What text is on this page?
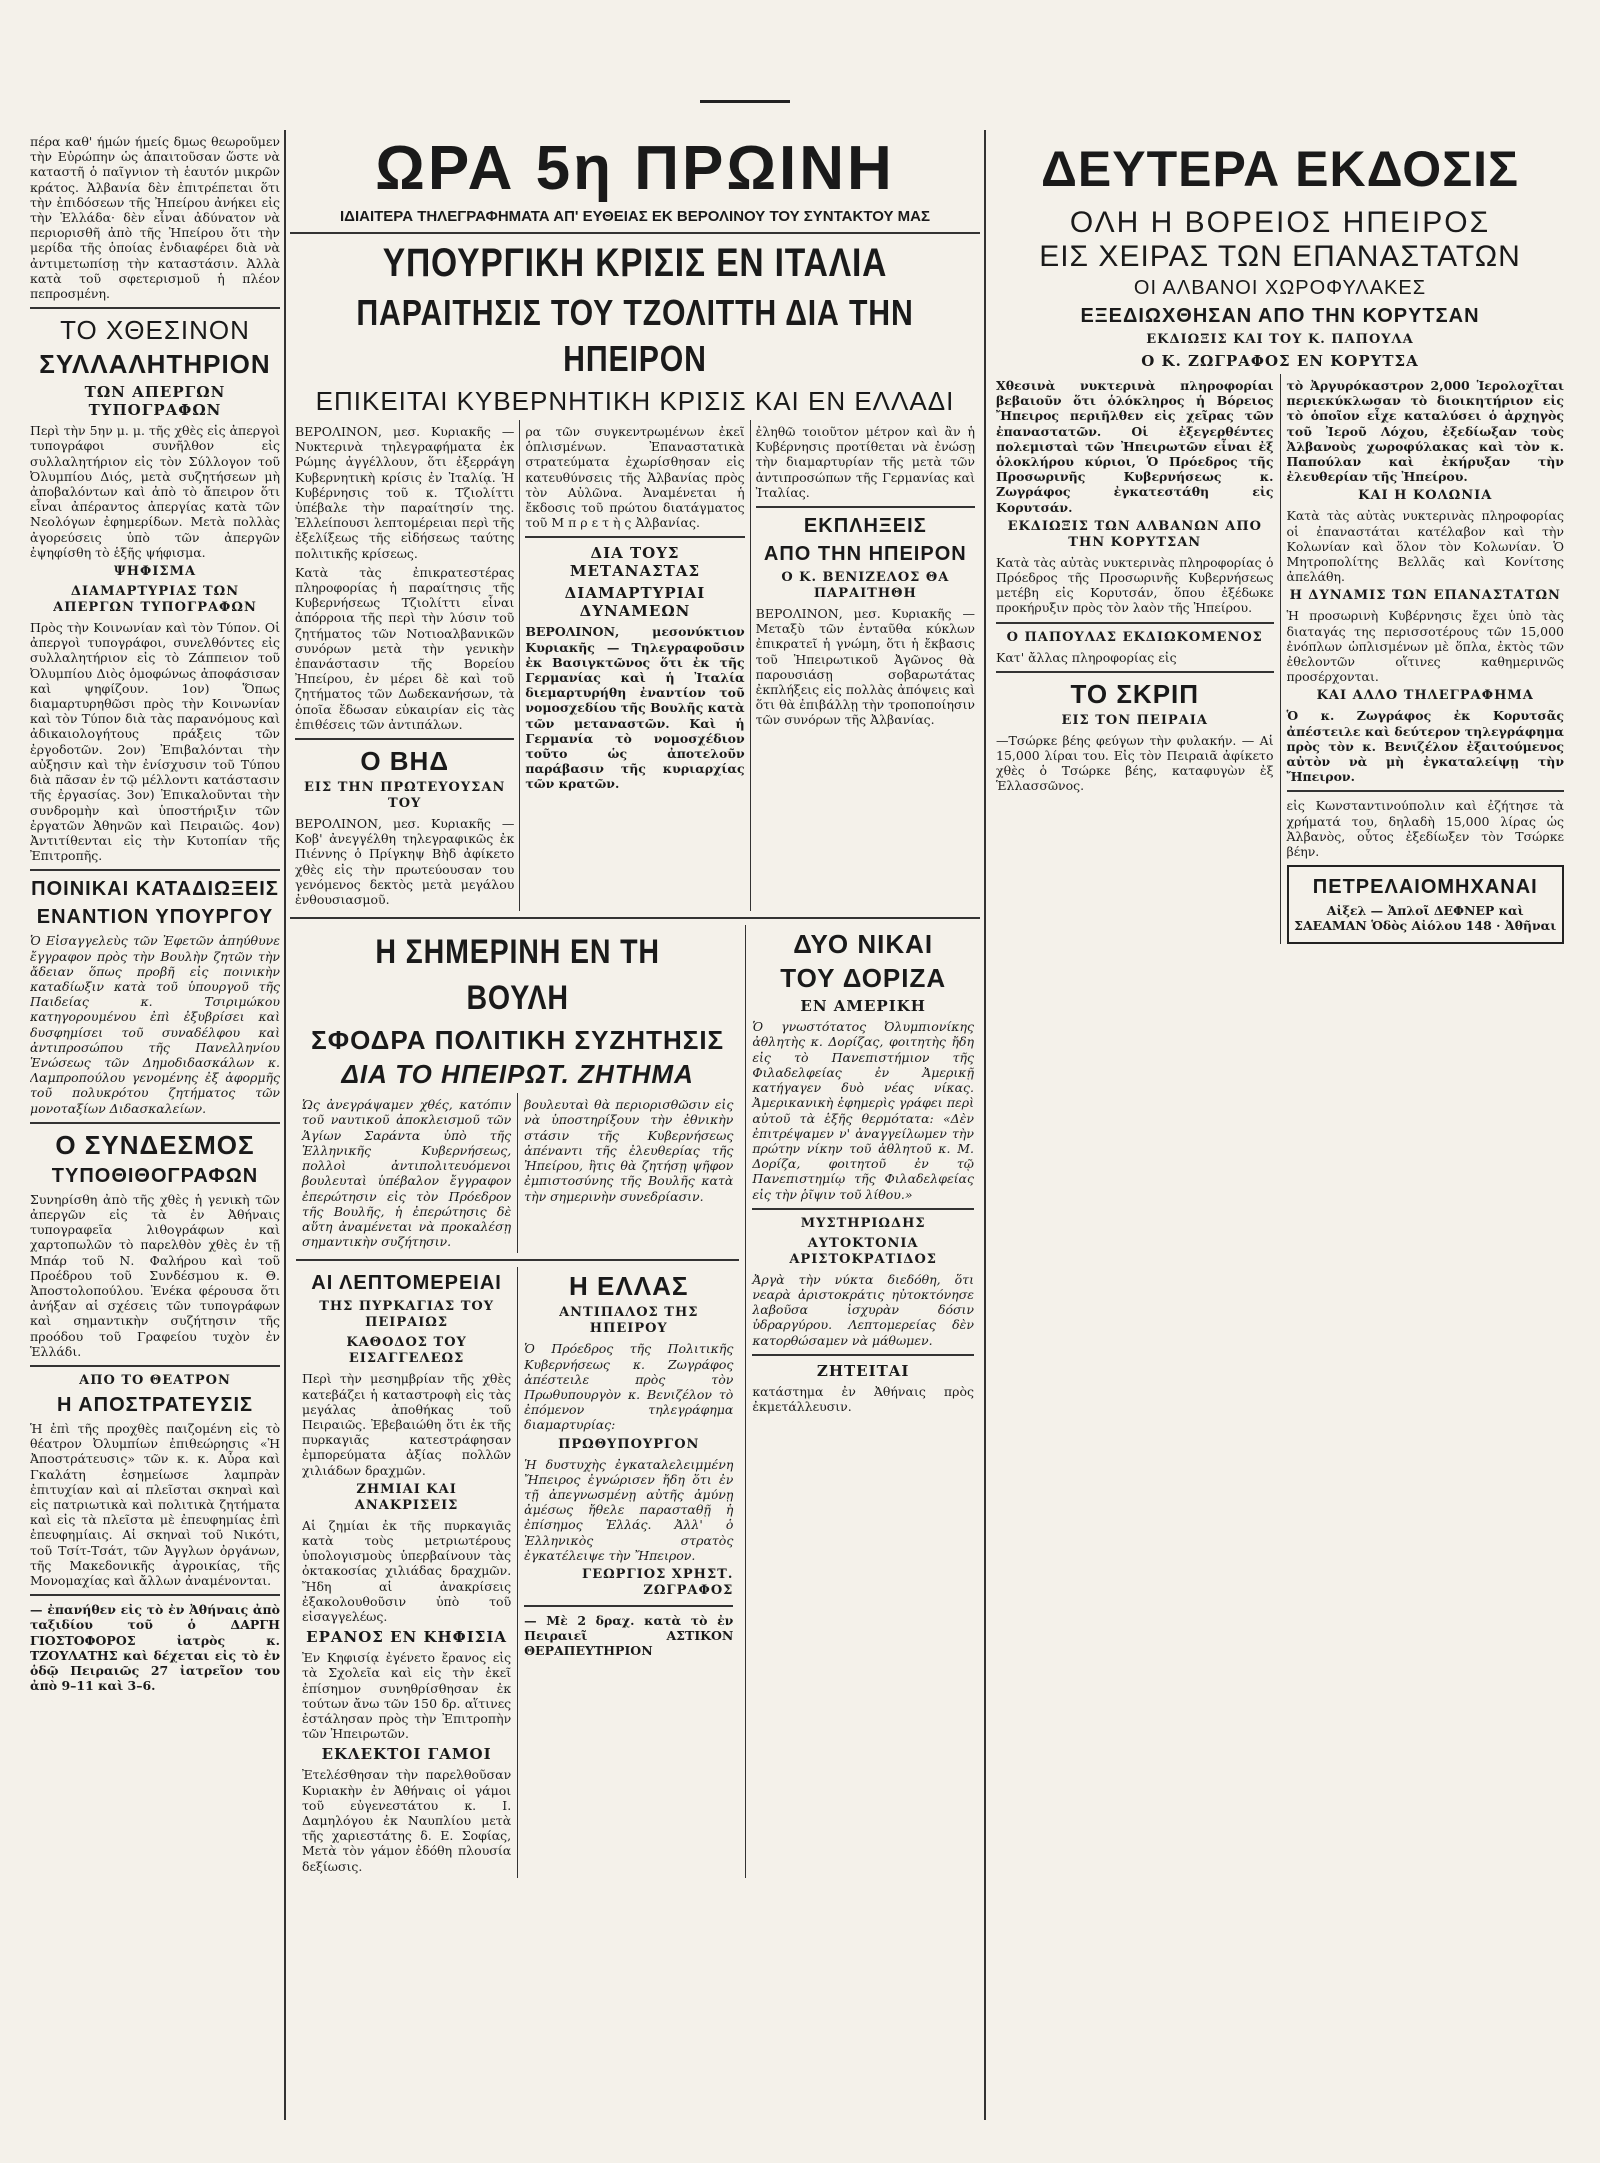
πέρα καθ' ήμών ήμείς δμως θεωροῦμεν τὴν Εὐρώπην ὡς ἀπαιτοῦσαν ὥστε νὰ καταστῆ ὁ παῖγνιον τὴ ἑαυτόν μικρῶν κράτος. Ἀλβανία δὲν ἐπιτρέπεται ὅτι τὴν ἐπιδόσεων τῆς Ἠπείρου ἀνήκει εἰς τὴν Ἑλλάδα· δὲν εἶναι ἀδύνατον νὰ περιορισθῆ ἀπὸ τῆς Ἠπείρου ὅτι τὴν μερίδα τῆς ὁποίας ἐνδιαφέρει διὰ νὰ ἀντιμετωπίσῃ τὴν καταστάσιν. Ἀλλὰ κατὰ τοῦ σφετερισμοῦ ἡ πλέον πεπροσμένη.

ΤΟ ΧΘΕΣΙΝΟΝ
ΣΥΛΛΑΛΗΤΗΡΙΟΝ
ΤΩΝ ΑΠΕΡΓΩΝ ΤΥΠΟΓΡΑΦΩΝ

Περὶ τὴν 5ην μ. μ. τῆς χθὲς εἰς ἀπεργοὶ τυπογράφοι συνῆλθον εἰς συλλαλητήριον εἰς τὸν Σύλλογον τοῦ Ὀλυμπίου Διός, μετὰ συζητήσεων μὴ ἀποβαλόντων καὶ ἀπὸ τὸ ἄπειρον ὅτι εἶναι ἀπέραντος ἀπεργίας κατὰ τῶν Νεολόγων ἐφημερίδων. Μετὰ πολλὰς ἀγορεύσεις ὑπὸ τῶν ἀπεργῶν ἐψηφίσθη τὸ ἑξῆς ψήφισμα.

ΨΗΦΙΣΜΑ
ΔΙΑΜΑΡΤΥΡΙΑΣ ΤΩΝ ΑΠΕΡΓΩΝ ΤΥΠΟΓΡΑΦΩΝ

Πρὸς τὴν Κοινωνίαν καὶ τὸν Τύπον. Οἱ ἀπεργοὶ τυπογράφοι, συνελθόντες εἰς συλλαλητήριον εἰς τὸ Ζάππειον τοῦ Ὀλυμπίου Διὸς ὁμοφώνως ἀποφάσισαν καὶ ψηφίζουν. 1ον) Ὅπως διαμαρτυρηθῶσι πρὸς τὴν Κοινωνίαν καὶ τὸν Τύπον διὰ τὰς παρανόμους καὶ ἀδικαιολογήτους πράξεις τῶν ἐργοδοτῶν. 2ον) Ἐπιβαλόνται τὴν αὐξησιν καὶ τὴν ἐνίσχυσιν τοῦ Τύπου διὰ πᾶσαν ἐν τῷ μέλλοντι κατάστασιν τῆς ἐργασίας. 3ον) Ἐπικαλοῦνται τὴν συνδρομὴν καὶ ὑποστήριξιν τῶν ἐργατῶν Ἀθηνῶν καὶ Πειραιῶς. 4ον) Ἀντιτίθενται εἰς τὴν Κυτοπίαν τῆς Ἐπιτροπῆς.

ΠΟΙΝΙΚΑΙ ΚΑΤΑΔΙΩΞΕΙΣ
ΕΝΑΝΤΙΟΝ ΥΠΟΥΡΓΟΥ

Ὁ Εἰσαγγελεὺς τῶν Ἐφετῶν ἀπηύθυνε ἔγγραφον πρὸς τὴν Βουλὴν ζητῶν τὴν ἄδειαν ὅπως προβῆ εἰς ποινικὴν καταδίωξιν κατὰ τοῦ ὑπουργοῦ τῆς Παιδείας κ. Τσιριμώκου κατηγορουμένου ἐπὶ ἐξυβρίσει καὶ δυσφημίσει τοῦ συναδέλφου καὶ ἀντιπροσώπου τῆς Πανελληνίου Ἑνώσεως τῶν Δημοδιδασκάλων κ. Λαμπροπούλου γενομένης ἐξ ἀφορμῆς τοῦ πολυκρότου ζητήματος τῶν μονοταξίων Διδασκαλείων.

Ο ΣΥΝΔΕΣΜΟΣ
ΤΥΠΟΘΙΘΟΓΡΑΦΩΝ

Συνηρίσθη ἀπὸ τῆς χθὲς ἡ γενικὴ τῶν ἀπεργῶν εἰς τὰ ἐν Ἀθήναις τυπογραφεῖα λιθογράφων καὶ χαρτοπωλῶν τὸ παρελθὸν χθὲς ἐν τῇ Μπάρ τοῦ Ν. Φαλήρου καὶ τοῦ Προέδρου τοῦ Συνδέσμου κ. Θ. Ἀποστολοπούλου. Ἐνέκα φέρουσα ὅτι ἀνήξαν αἱ σχέσεις τῶν τυπογράφων καὶ σημαντικὴν συζήτησιν τῆς προόδου τοῦ Γραφείου τυχὸν ἐν Ἑλλάδι.

ΑΠΟ ΤΟ ΘΕΑΤΡΟΝ
Η ΑΠΟΣΤΡΑΤΕΥΣΙΣ

Ἡ ἐπὶ τῆς προχθὲς παιζομένη εἰς τὸ θέατρον Ὀλυμπίων ἐπιθεώρησις «Ἡ Ἀποστράτευσις» τῶν κ. κ. Αὖρα καὶ Γκαλάτη ἐσημείωσε λαμπρὰν ἐπιτυχίαν καὶ αἱ πλεῖσται σκηναὶ καὶ εἰς πατριωτικὰ καὶ πολιτικὰ ζητήματα καὶ εἰς τὰ πλεῖστα μὲ ἐπευφημίας ἐπὶ ἐπευφημίαις. Αἱ σκηναὶ τοῦ Νικότι, τοῦ Τσίτ-Τσάτ, τῶν Ἀγγλων ὀργάνων, τῆς Μακεδονικῆς ἀγροικίας, τῆς Μονομαχίας καὶ ἄλλων ἀναμένονται.

— ἐπανήθεν εἰς τὸ ἐν Ἀθήναις ἀπὸ ταξιδίου τοῦ ὁ ΔΑΡΓΗ ΓΙΟΣΤΟΦΟΡΟΣ ἰατρὸς κ. ΤΖΟΥΛΑΤΗΣ καὶ δέχεται εἰς τὸ ἐν ὁδῷ Πειραιῶς 27 ἰατρεῖον του ἀπὸ 9–11 καὶ 3–6.

ΩΡΑ 5η ΠΡΩΙΝΗ
ΙΔΙΑΙΤΕΡΑ ΤΗΛΕΓΡΑΦΗΜΑΤΑ ΑΠ' ΕΥΘΕΙΑΣ ΕΚ ΒΕΡΟΛΙΝΟΥ ΤΟΥ ΣΥΝΤΑΚΤΟΥ ΜΑΣ
ΥΠΟΥΡΓΙΚΗ ΚΡΙΣΙΣ ΕΝ ΙΤΑΛΙΑ
ΠΑΡΑΙΤΗΣΙΣ ΤΟΥ ΤΖΟΛΙΤΤΗ ΔΙΑ ΤΗΝ ΗΠΕΙΡΟΝ
ΕΠΙΚΕΙΤΑΙ ΚΥΒΕΡΝΗΤΙΚΗ ΚΡΙΣΙΣ ΚΑΙ ΕΝ ΕΛΛΑΔΙ

ΒΕΡΟΛΙΝΟΝ, μεσ. Κυριακῆς —Νυκτερινὰ τηλεγραφήματα ἐκ Ρώμης ἀγγέλλουν, ὅτι ἐξερράγη Κυβερνητικὴ κρίσις ἐν Ἰταλίᾳ. Ἡ Κυβέρνησις τοῦ κ. Τζιολίττι ὑπέβαλε τὴν παραίτησίν της. Ἐλλείπουσι λεπτομέρειαι περὶ τῆς ἐξελίξεως τῆς εἰδήσεως ταύτης πολιτικῆς κρίσεως.

Κατὰ τὰς ἐπικρατεστέρας πληροφορίας ἡ παραίτησις τῆς Κυβερνήσεως Τζιολίττι εἶναι ἀπόρροια τῆς περὶ τὴν λύσιν τοῦ ζητήματος τῶν Νοτιοαλβανικῶν συνόρων μετὰ τὴν γενικὴν ἐπανάστασιν τῆς Βορείου Ἠπείρου, ἐν μέρει δὲ καὶ τοῦ ζητήματος τῶν Δωδεκανήσων, τὰ ὁποῖα ἔδωσαν εὐκαιρίαν εἰς τὰς ἐπιθέσεις τῶν ἀντιπάλων.

Ο ΒΗΔ
ΕΙΣ ΤΗΝ ΠΡΩΤΕΥΟΥΣΑΝ ΤΟΥ

ΒΕΡΟΛΙΝΟΝ, μεσ. Κυριακῆς —Κοβ' ἀνεγγέλθη τηλεγραφικῶς ἐκ Πιέννης ὁ Πρίγκηψ Βὴδ ἀφίκετο χθὲς εἰς τὴν πρωτεύουσαν του γενόμενος δεκτὸς μετὰ μεγάλου ἐνθουσιασμοῦ.

ρα τῶν συγκεντρωμένων ἐκεῖ ὁπλισμένων. Ἐπαναστατικὰ στρατεύματα ἐχωρίσθησαν εἰς κατευθύνσεις τῆς Ἀλβανίας πρὸς τὸν Αὐλῶνα. Ἀναμένεται ἡ ἔκδοσις τοῦ πρώτου διατάγματος τοῦ Μ π ρ ε τ ὴ ς Ἀλβανίας.

ΔΙΑ ΤΟΥΣ ΜΕΤΑΝΑΣΤΑΣ
ΔΙΑΜΑΡΤΥΡΙΑΙ ΔΥΝΑΜΕΩΝ

ΒΕΡΟΛΙΝΟΝ, μεσονύκτιον Κυριακῆς — Τηλεγραφοῦσιν ἐκ Βασιγκτῶνος ὅτι ἐκ τῆς Γερμανίας καὶ ἡ Ἰταλία διεμαρτυρήθη ἐναντίον τοῦ νομοσχεδίου τῆς Βουλῆς κατὰ τῶν μεταναστῶν. Καὶ ἡ Γερμανία τὸ νομοσχέδιον τοῦτο ὡς ἀποτελοῦν παράβασιν τῆς κυριαρχίας τῶν κρατῶν.

ἐληθῶ τοιοῦτον μέτρον καὶ ἂν ἡ Κυβέρνησις προτίθεται νὰ ἐνώσῃ τὴν διαμαρτυρίαν τῆς μετὰ τῶν ἀντιπροσώπων τῆς Γερμανίας καὶ Ἰταλίας.

ΕΚΠΛΗΞΕΙΣ
ΑΠΟ ΤΗΝ ΗΠΕΙΡΟΝ
Ο Κ. ΒΕΝΙΖΕΛΟΣ ΘΑ ΠΑΡΑΙΤΗΘΗ

ΒΕΡΟΛΙΝΟΝ, μεσ. Κυριακῆς — Μεταξὺ τῶν ἐνταῦθα κύκλων ἐπικρατεῖ ἡ γνώμη, ὅτι ἡ ἔκβασις τοῦ Ἠπειρωτικοῦ Ἀγῶνος θὰ παρουσιάσῃ σοβαρωτάτας ἐκπλήξεις εἰς πολλὰς ἀπόψεις καὶ ὅτι θὰ ἐπιβάλλῃ τὴν τροποποίησιν τῶν συνόρων τῆς Ἀλβανίας.

Η ΣΗΜΕΡΙΝΗ ΕΝ ΤΗ ΒΟΥΛΗ
ΣΦΟΔΡΑ ΠΟΛΙΤΙΚΗ ΣΥΖΗΤΗΣΙΣ
ΔΙΑ ΤΟ ΗΠΕΙΡΩΤ. ΖΗΤΗΜΑ

Ὡς ἀνεγράψαμεν χθές, κατόπιν τοῦ ναυτικοῦ ἀποκλεισμοῦ τῶν Ἁγίων Σαράντα ὑπὸ τῆς Ἑλληνικῆς Κυβερνήσεως, πολλοὶ ἀντιπολιτευόμενοι βουλευταὶ ὑπέβαλον ἔγγραφον ἐπερώτησιν εἰς τὸν Πρόεδρον τῆς Βουλῆς, ἡ ἐπερώτησις δὲ αὕτη ἀναμένεται νὰ προκαλέσῃ σημαντικὴν συζήτησιν.

βουλευταὶ θὰ περιορισθῶσιν εἰς νὰ ὑποστηρίξουν τὴν ἐθνικὴν στάσιν τῆς Κυβερνήσεως ἀπέναντι τῆς ἐλευθερίας τῆς Ἠπείρου, ἣτις θὰ ζητήσῃ ψῆφον ἐμπιστοσύνης τῆς Βουλῆς κατὰ τὴν σημερινὴν συνεδρίασιν.

ΑΙ ΛΕΠΤΟΜΕΡΕΙΑΙ
ΤΗΣ ΠΥΡΚΑΓΙΑΣ ΤΟΥ ΠΕΙΡΑΙΩΣ
ΚΑΘΟΔΟΣ ΤΟΥ ΕΙΣΑΓΓΕΛΕΩΣ

Περὶ τὴν μεσημβρίαν τῆς χθὲς κατεβάζει ἡ καταστροφὴ εἰς τὰς μεγάλας ἀποθήκας τοῦ Πειραιῶς. Ἐβεβαιώθη ὅτι ἐκ τῆς πυρκαγιᾶς κατεστράφησαν ἐμπορεύματα ἀξίας πολλῶν χιλιάδων δραχμῶν.

ΖΗΜΙΑΙ ΚΑΙ ΑΝΑΚΡΙΣΕΙΣ

Αἱ ζημίαι ἐκ τῆς πυρκαγιᾶς κατὰ τοὺς μετριωτέρους ὑπολογισμοὺς ὑπερβαίνουν τὰς ὀκτακοσίας χιλιάδας δραχμῶν. Ἤδη αἱ ἀνακρίσεις ἐξακολουθοῦσιν ὑπὸ τοῦ εἰσαγγελέως.

ΕΡΑΝΟΣ ΕΝ ΚΗΦΙΣΙΑ

Ἐν Κηφισίᾳ ἐγένετο ἔρανος εἰς τὰ Σχολεῖα καὶ εἰς τὴν ἐκεῖ ἐπίσημον συνηθρίσθησαν ἐκ τούτων ἄνω τῶν 150 δρ. αἵτινες ἐστάλησαν πρὸς τὴν Ἐπιτροπὴν τῶν Ἠπειρωτῶν.

ΕΚΛΕΚΤΟΙ ΓΑΜΟΙ

Ἐτελέσθησαν τὴν παρελθοῦσαν Κυριακὴν ἐν Ἀθήναις οἱ γάμοι τοῦ εὐγενεστάτου κ. Ι. Δαμηλόγου ἐκ Ναυπλίου μετὰ τῆς χαριεστάτης δ. Ε. Σοφίας, Μετὰ τὸν γάμον ἐδόθη πλουσία δεξίωσις.

Η ΕΛΛΑΣ
ΑΝΤΙΠΑΛΟΣ ΤΗΣ ΗΠΕΙΡΟΥ

Ὁ Πρόεδρος τῆς Πολιτικῆς Κυβερνήσεως κ. Ζωγράφος ἀπέστειλε πρὸς τὸν Πρωθυπουργὸν κ. Βενιζέλον τὸ ἐπόμενον τηλεγράφημα διαμαρτυρίας:

ΠΡΩΘΥΠΟΥΡΓΟΝ

Ἡ δυστυχὴς ἐγκαταλελειμμένη Ἤπειρος ἐγνώρισεν ἤδη ὅτι ἐν τῇ ἀπεγνωσμένῃ αὐτῆς ἀμύνῃ ἀμέσως ἤθελε παρασταθῇ ἡ ἐπίσημος Ἑλλάς. Ἀλλ' ὁ Ἑλληνικὸς στρατὸς ἐγκατέλειψε τὴν Ἤπειρον.

ΓΕΩΡΓΙΟΣ ΧΡΗΣΤ. ΖΩΓΡΑΦΟΣ

— Μὲ 2 δραχ. κατὰ τὸ ἐν Πειραιεῖ ΑΣΤΙΚΟΝ ΘΕΡΑΠΕΥΤΗΡΙΟΝ

ΔΥΟ ΝΙΚΑΙ
ΤΟΥ ΔΟΡΙΖΑ
ΕΝ ΑΜΕΡΙΚΗ

Ὁ γνωστότατος Ὀλυμπιονίκης ἀθλητὴς κ. Δορίζας, φοιτητὴς ἤδη εἰς τὸ Πανεπιστήμιον τῆς Φιλαδελφείας ἐν Ἀμερικῇ κατήγαγεν δυὸ νέας νίκας. Ἀμερικανικὴ ἐφημερὶς γράφει περὶ αὐτοῦ τὰ ἑξῆς θερμότατα: «Δὲν ἐπιτρέψαμεν ν' ἀναγγείλωμεν τὴν πρώτην νίκην τοῦ ἀθλητοῦ κ. Μ. Δορίζα, φοιτητοῦ ἐν τῷ Πανεπιστημίῳ τῆς Φιλαδελφείας εἰς τὴν ῥῖψιν τοῦ λίθου.»

ΜΥΣΤΗΡΙΩΔΗΣ
ΑΥΤΟΚΤΟΝΙΑ ΑΡΙΣΤΟΚΡΑΤΙΔΟΣ

Ἀργὰ τὴν νύκτα διεδόθη, ὅτι νεαρὰ ἀριστοκράτις ηὐτοκτόνησε λαβοῦσα ἰσχυρὰν δόσιν ὑδραργύρου. Λεπτομερείας δὲν κατορθώσαμεν νὰ μάθωμεν.

ΖΗΤΕΙΤΑΙ

κατάστημα ἐν Ἀθήναις πρὸς ἐκμετάλλευσιν.

ΔΕΥΤΕΡΑ ΕΚΔΟΣΙΣ
ΟΛΗ Η ΒΟΡΕΙΟΣ ΗΠΕΙΡΟΣ
ΕΙΣ ΧΕΙΡΑΣ ΤΩΝ ΕΠΑΝΑΣΤΑΤΩΝ
ΟΙ ΑΛΒΑΝΟΙ ΧΩΡΟΦΥΛΑΚΕΣ
ΕΞΕΔΙΩΧΘΗΣΑΝ ΑΠΟ ΤΗΝ ΚΟΡΥΤΣΑΝ
ΕΚΔΙΩΞΙΣ ΚΑΙ ΤΟΥ Κ. ΠΑΠΟΥΛΑ
Ο Κ. ΖΩΓΡΑΦΟΣ ΕΝ ΚΟΡΥΤΣΑ

Χθεσινὰ νυκτερινὰ πληροφορίαι βεβαιοῦν ὅτι ὁλόκληρος ἡ Βόρειος Ἤπειρος περιῆλθεν εἰς χεῖρας τῶν ἐπαναστατῶν. Οἱ ἐξεγερθέντες πολεμισταὶ τῶν Ἠπειρωτῶν εἶναι ἐξ ὁλοκλήρου κύριοι, Ὁ Πρόεδρος τῆς Προσωρινῆς Κυβερνήσεως κ. Ζωγράφος ἐγκατεστάθη εἰς Κορυτσάν.

ΕΚΔΙΩΞΙΣ ΤΩΝ ΑΛΒΑΝΩΝ ΑΠΟ ΤΗΝ ΚΟΡΥΤΣΑΝ

Κατὰ τὰς αὐτὰς νυκτερινὰς πληροφορίας ὁ Πρόεδρος τῆς Προσωρινῆς Κυβερνήσεως μετέβη εἰς Κορυτσάν, ὅπου ἐξέδωκε προκήρυξιν πρὸς τὸν λαὸν τῆς Ἠπείρου.

Ο ΠΑΠΟΥΛΑΣ ΕΚΔΙΩΚΟΜΕΝΟΣ

Κατ' ἄλλας πληροφορίας εἰς

ΤΟ ΣΚΡΙΠ
ΕΙΣ ΤΟΝ ΠΕΙΡΑΙΑ

—Τσώρκε βέης φεύγων τὴν φυλακήν. — Αἱ 15,000 λίραι του. Εἰς τὸν Πειραιᾶ ἀφίκετο χθὲς ὁ Τσώρκε βέης, καταφυγὼν ἐξ Ἑλλασσῶνος.

τὸ Ἀργυρόκαστρον 2,000 Ἱερολοχῖται περιεκύκλωσαν τὸ διοικητήριον εἰς τὸ ὁποῖον εἶχε καταλύσει ὁ ἀρχηγὸς τοῦ Ἰεροῦ Λόχου, ἐξεδίωξαν τοὺς Ἀλβανοὺς χωροφύλακας καὶ τὸν κ. Παπούλαν καὶ ἐκήρυξαν τὴν ἐλευθερίαν τῆς Ἠπείρου.

ΚΑΙ Η ΚΟΛΩΝΙΑ

Κατὰ τὰς αὐτὰς νυκτερινὰς πληροφορίας οἱ ἐπαναστάται κατέλαβον καὶ τὴν Κολωνίαν καὶ ὅλον τὸν Κολωνίαν. Ὁ Μητροπολίτης Βελλᾶς καὶ Κονίτσης ἀπελάθη.

Η ΔΥΝΑΜΙΣ ΤΩΝ ΕΠΑΝΑΣΤΑΤΩΝ

Ἡ προσωρινὴ Κυβέρνησις ἔχει ὑπὸ τὰς διαταγάς της περισσοτέρους τῶν 15,000 ἐνόπλων ὡπλισμένων μὲ ὅπλα, ἐκτὸς τῶν ἐθελοντῶν οἵτινες καθημερινῶς προσέρχονται.

ΚΑΙ ΑΛΛΟ ΤΗΛΕΓΡΑΦΗΜΑ

Ὁ κ. Ζωγράφος ἐκ Κορυτσᾶς ἀπέστειλε καὶ δεύτερον τηλεγράφημα πρὸς τὸν κ. Βενιζέλον ἐξαιτούμενος αὐτὸν νὰ μὴ ἐγκαταλείψῃ τὴν Ἤπειρον.

εἰς Κωνσταντινούπολιν καὶ ἐζήτησε τὰ χρήματά του, δηλαδὴ 15,000 λίρας ὡς Ἀλβανὸς, οὗτος ἐξεδίωξεν τὸν Τσώρκε βέην.

ΠΕΤΡΕΛΑΙΟΜΗΧΑΝΑΙ
Αἰξελ — Ἀπλοῖ ΔΕΦΝΕΡ καὶ ΣΑΕΑΜΑΝ Ὁδὸς Αἰόλου 148 · Ἀθῆναι
